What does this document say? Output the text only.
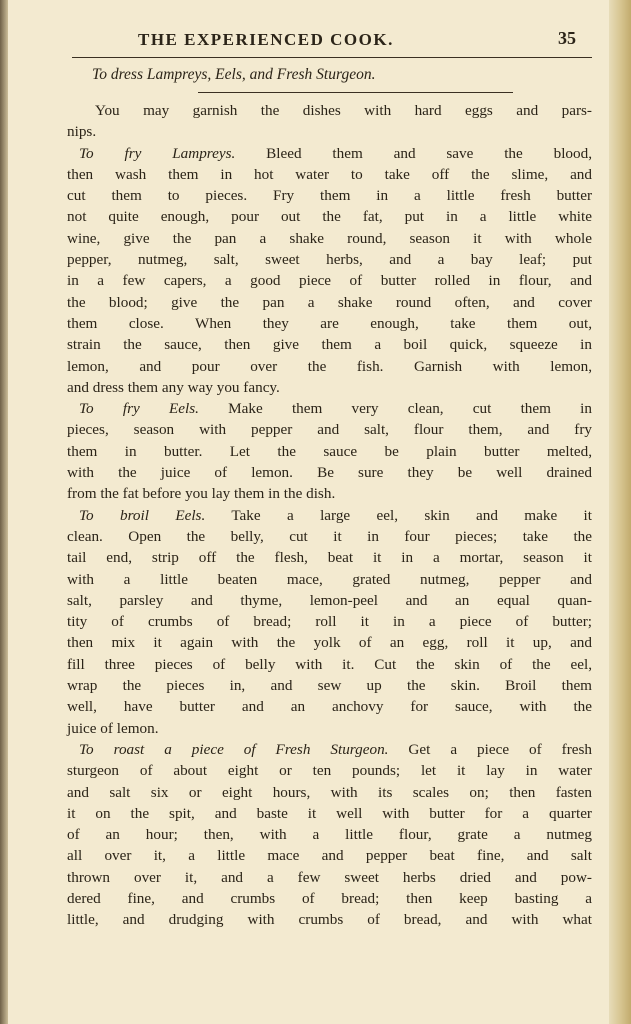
THE EXPERIENCED COOK.	35
To dress Lampreys, Eels, and Fresh Sturgeon.
You may garnish the dishes with hard eggs and pars-
nips.
To fry Lampreys. Bleed them and save the blood,
then wash them in hot water to take off the slime, and
cut them to pieces. Fry them in a little fresh butter
not quite enough, pour out the fat, put in a little white
wine, give the pan a shake round, season it with whole
pepper, nutmeg, salt, sweet herbs, and a bay leaf; put
in a few capers, a good piece of butter rolled in flour, and
the blood; give the pan a shake round often, and cover
them close. When they are enough, take them out,
strain the sauce, then give them a boil quick, squeeze in
lemon, and pour over the fish. Garnish with lemon,
and dress them any way you fancy.
To fry Eels. Make them very clean, cut them in
pieces, season with pepper and salt, flour them, and fry
them in butter. Let the sauce be plain butter melted,
with the juice of lemon. Be sure they be well drained
from the fat before you lay them in the dish.
To broil Eels. Take a large eel, skin and make it
clean. Open the belly, cut it in four pieces; take the
tail end, strip off the flesh, beat it in a mortar, season it
with a little beaten mace, grated nutmeg, pepper and
salt, parsley and thyme, lemon-peel and an equal quan-
tity of crumbs of bread; roll it in a piece of butter;
then mix it again with the yolk of an egg, roll it up, and
fill three pieces of belly with it. Cut the skin of the eel,
wrap the pieces in, and sew up the skin. Broil them
well, have butter and an anchovy for sauce, with the
juice of lemon.
To roast a piece of Fresh Sturgeon. Get a piece of fresh
sturgeon of about eight or ten pounds; let it lay in water
and salt six or eight hours, with its scales on; then fasten
it on the spit, and baste it well with butter for a quarter
of an hour; then, with a little flour, grate a nutmeg
all over it, a little mace and pepper beat fine, and salt
thrown over it, and a few sweet herbs dried and pow-
dered fine, and crumbs of bread; then keep basting a
little, and drudging with crumbs of bread, and with what
